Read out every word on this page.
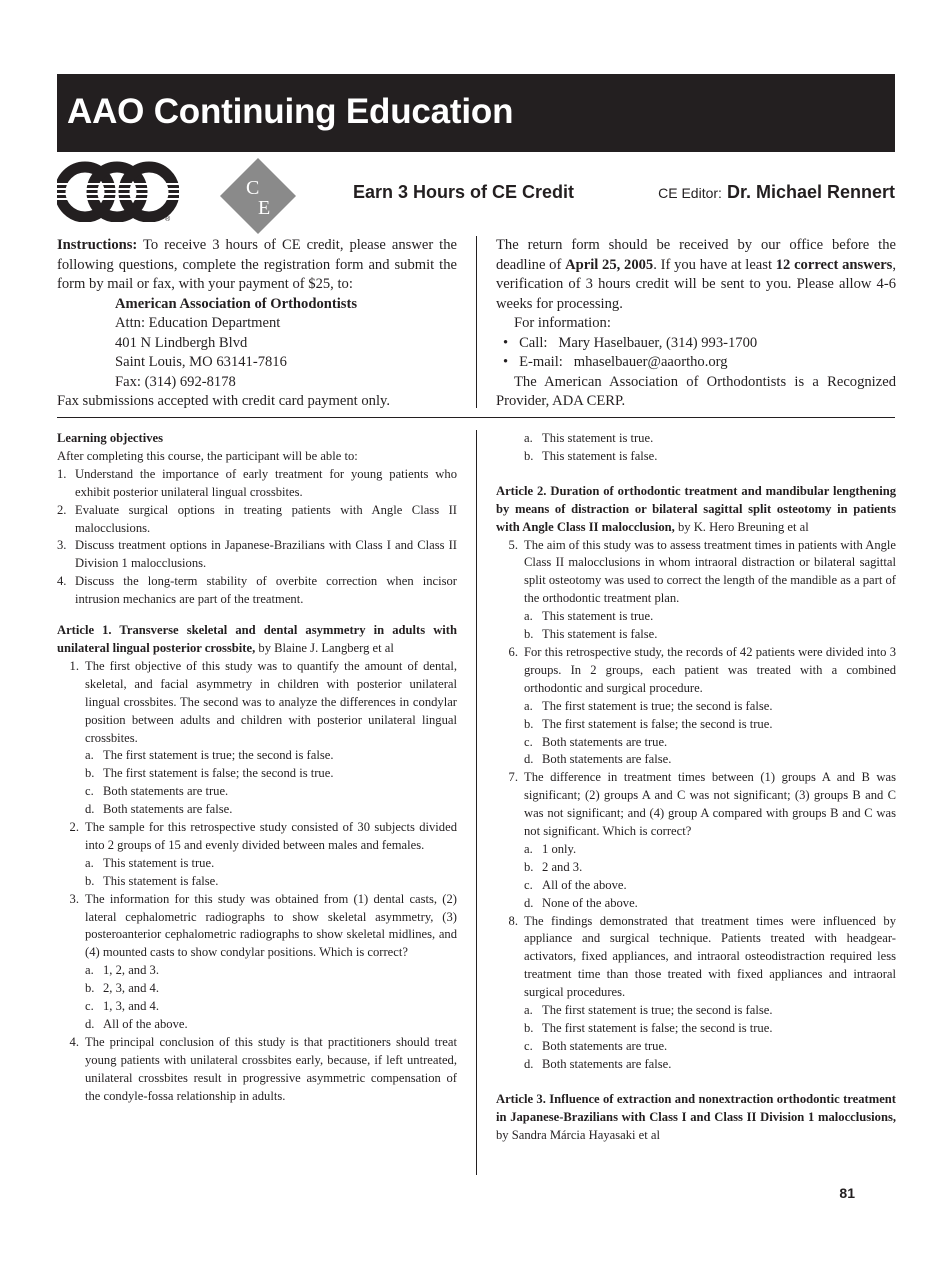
AAO Continuing Education
®
C
E
Earn 3 Hours of CE Credit	CE Editor: Dr. Michael Rennert

Instructions: To receive 3 hours of CE credit, please answer the following questions, complete the registration form and submit the form by mail or fax, with your payment of $25, to:

American Association of Orthodontists

Attn: Education Department

401 N Lindbergh Blvd

Saint Louis, MO 63141-7816

Fax: (314) 692-8178

Fax submissions accepted with credit card payment only.

The return form should be received by our office before the deadline of April 25, 2005. If you have at least 12 correct answers, verification of 3 hours credit will be sent to you. Please allow 4-6 weeks for processing.

For information:

•   Call:   Mary Haselbauer, (314) 993-1700

•   E-mail:   mhaselbauer@aaortho.org

The American Association of Orthodontists is a Recognized Provider, ADA CERP.

Learning objectives

After completing this course, the participant will be able to:

1. Understand the importance of early treatment for young patients who exhibit posterior unilateral lingual crossbites.
2. Evaluate surgical options in treating patients with Angle Class II malocclusions.
3. Discuss treatment options in Japanese-Brazilians with Class I and Class II Division 1 malocclusions.
4. Discuss the long-term stability of overbite correction when incisor intrusion mechanics are part of the treatment.

Article 1. Transverse skeletal and dental asymmetry in adults with unilateral lingual posterior crossbite, by Blaine J. Langberg et al

1. The first objective of this study was to quantify the amount of dental, skeletal, and facial asymmetry in children with posterior unilateral lingual crossbites. The second was to analyze the differences in condylar position between adults and children with posterior unilateral lingual crossbites.

a. The first statement is true; the second is false.
b. The first statement is false; the second is true.
c. Both statements are true.
d. Both statements are false.
2. The sample for this retrospective study consisted of 30 subjects divided into 2 groups of 15 and evenly divided between males and females.

a. This statement is true.
b. This statement is false.
3. The information for this study was obtained from (1) dental casts, (2) lateral cephalometric radiographs to show skeletal asymmetry, (3) posteroanterior cephalometric radiographs to show skeletal midlines, and (4) mounted casts to show condylar positions. Which is correct?

a. 1, 2, and 3.
b. 2, 3, and 4.
c. 1, 3, and 4.
d. All of the above.
4. The principal conclusion of this study is that practitioners should treat young patients with unilateral crossbites early, because, if left untreated, unilateral crossbites result in progressive asymmetric compensation of the condyle-fossa relationship in adults.

a. This statement is true.
b. This statement is false.

Article 2. Duration of orthodontic treatment and mandibular lengthening by means of distraction or bilateral sagittal split osteotomy in patients with Angle Class II malocclusion, by K. Hero Breuning et al

5. The aim of this study was to assess treatment times in patients with Angle Class II malocclusions in whom intraoral distraction or bilateral sagittal split osteotomy was used to correct the length of the mandible as a part of the orthodontic treatment plan.

a. This statement is true.
b. This statement is false.
6. For this retrospective study, the records of 42 patients were divided into 3 groups. In 2 groups, each patient was treated with a combined orthodontic and surgical procedure.

a. The first statement is true; the second is false.
b. The first statement is false; the second is true.
c. Both statements are true.
d. Both statements are false.
7. The difference in treatment times between (1) groups A and B was significant; (2) groups A and C was not significant; (3) groups B and C was not significant; and (4) group A compared with groups B and C was not significant. Which is correct?

a. 1 only.
b. 2 and 3.
c. All of the above.
d. None of the above.
8. The findings demonstrated that treatment times were influenced by appliance and surgical technique. Patients treated with headgear-activators, fixed appliances, and intraoral osteodistraction required less treatment time than those treated with fixed appliances and intraoral surgical procedures.

a. The first statement is true; the second is false.
b. The first statement is false; the second is true.
c. Both statements are true.
d. Both statements are false.

Article 3. Influence of extraction and nonextraction orthodontic treatment in Japanese-Brazilians with Class I and Class II Division 1 malocclusions, by Sandra Márcia Hayasaki et al

81
